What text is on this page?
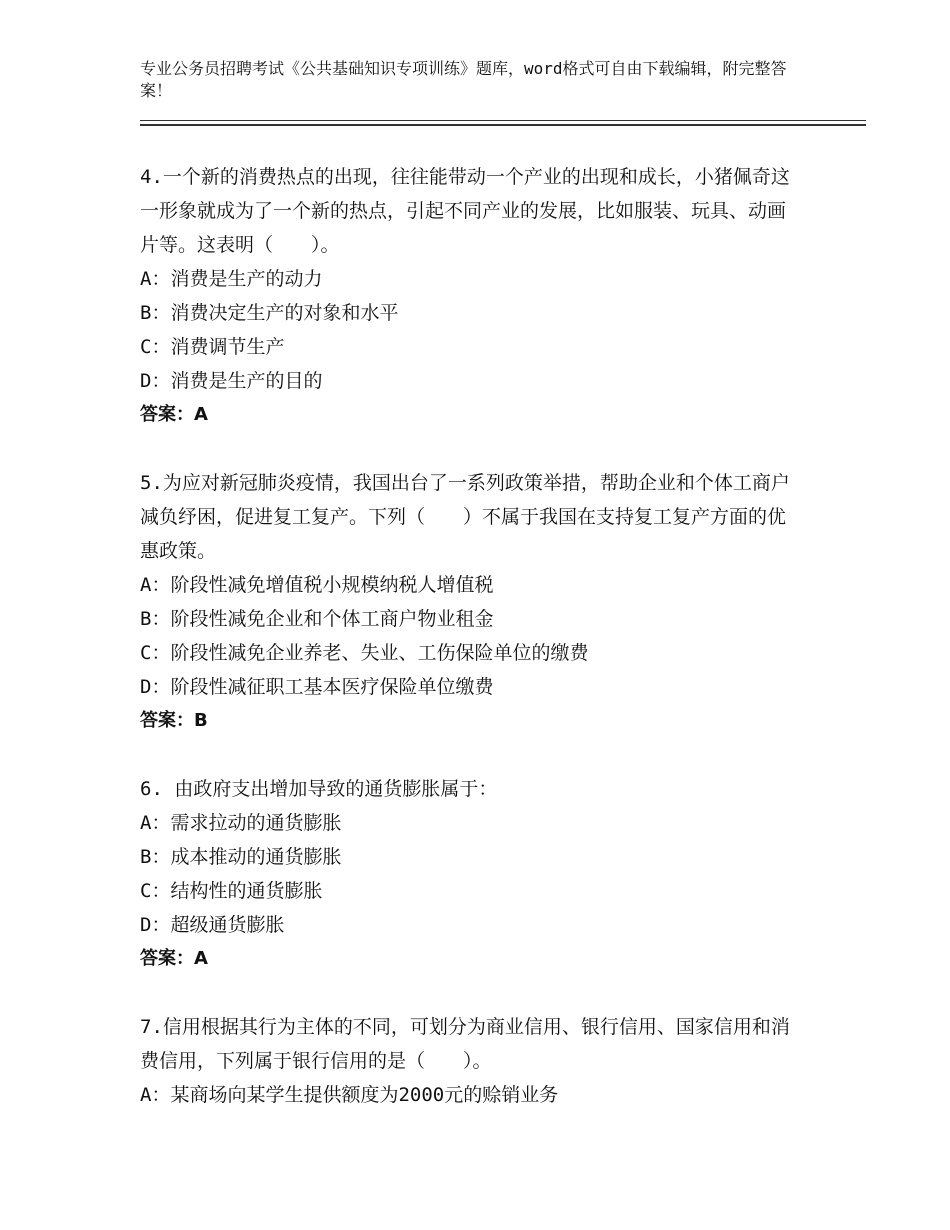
专业公务员招聘考试《公共基础知识专项训练》题库，word格式可自由下载编辑，附完整答案！

4.一个新的消费热点的出现，往往能带动一个产业的出现和成长，小猪佩奇这一形象就成为了一个新的热点，引起不同产业的发展，比如服装、玩具、动画片等。这表明（　　）。

A：消费是生产的动力

B：消费决定生产的对象和水平

C：消费调节生产

D：消费是生产的目的

答案：A

5.为应对新冠肺炎疫情，我国出台了一系列政策举措，帮助企业和个体工商户减负纾困，促进复工复产。下列（　　）不属于我国在支持复工复产方面的优惠政策。

A：阶段性减免增值税小规模纳税人增值税

B：阶段性减免企业和个体工商户物业租金

C：阶段性减免企业养老、失业、工伤保险单位的缴费

D：阶段性减征职工基本医疗保险单位缴费

答案：B

6. 由政府支出增加导致的通货膨胀属于：

A：需求拉动的通货膨胀

B：成本推动的通货膨胀

C：结构性的通货膨胀

D：超级通货膨胀

答案：A

7.信用根据其行为主体的不同，可划分为商业信用、银行信用、国家信用和消费信用，下列属于银行信用的是（　　）。

A：某商场向某学生提供额度为2000元的赊销业务
